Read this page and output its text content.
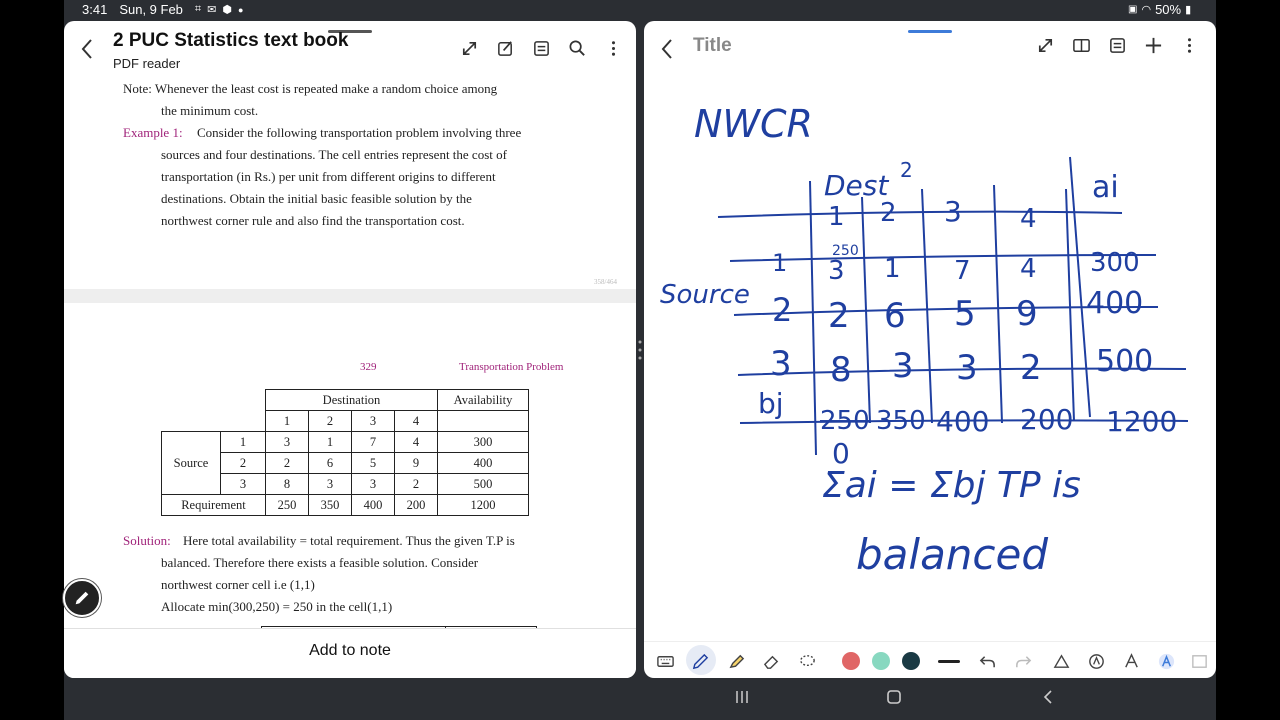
3:41 Sun, 9 Feb ⌗ ✉ ⬢ ●	▣ ◠ 50% ▮
2 PUC Statistics text book
PDF reader
Note: Whenever the least cost is repeated make a random choice among
the minimum cost.
Example 1: Consider the following transportation problem involving three
sources and four destinations. The cell entries represent the cost of
transportation (in Rs.) per unit from different origins to different
destinations. Obtain the initial basic feasible solution by the
northwest corner rule and also find the transportation cost.
358/464
329	Transportation Problem
		Destination				Availability
		1	2	3	4	
Source	1	3	1	7	4	300
	2	2	6	5	9	400
	3	8	3	3	2	500
Requirement		250	350	400	200	1200
Solution: Here total availability = total requirement. Thus the given T.P is
balanced. Therefore there exists a feasible solution. Consider
northwest corner cell i.e (1,1)
Allocate min(300,250) = 250 in the cell(1,1)

Add to note
Title
NWCR
Dest 2	ai
Source
bj
1 2 3 4
250
1 3 1 7 4 300
2 2 6 5 9 400
3 8 3 3 2 500
250 350 400 200 1200
0
Σai = Σbj TP is
balanced
